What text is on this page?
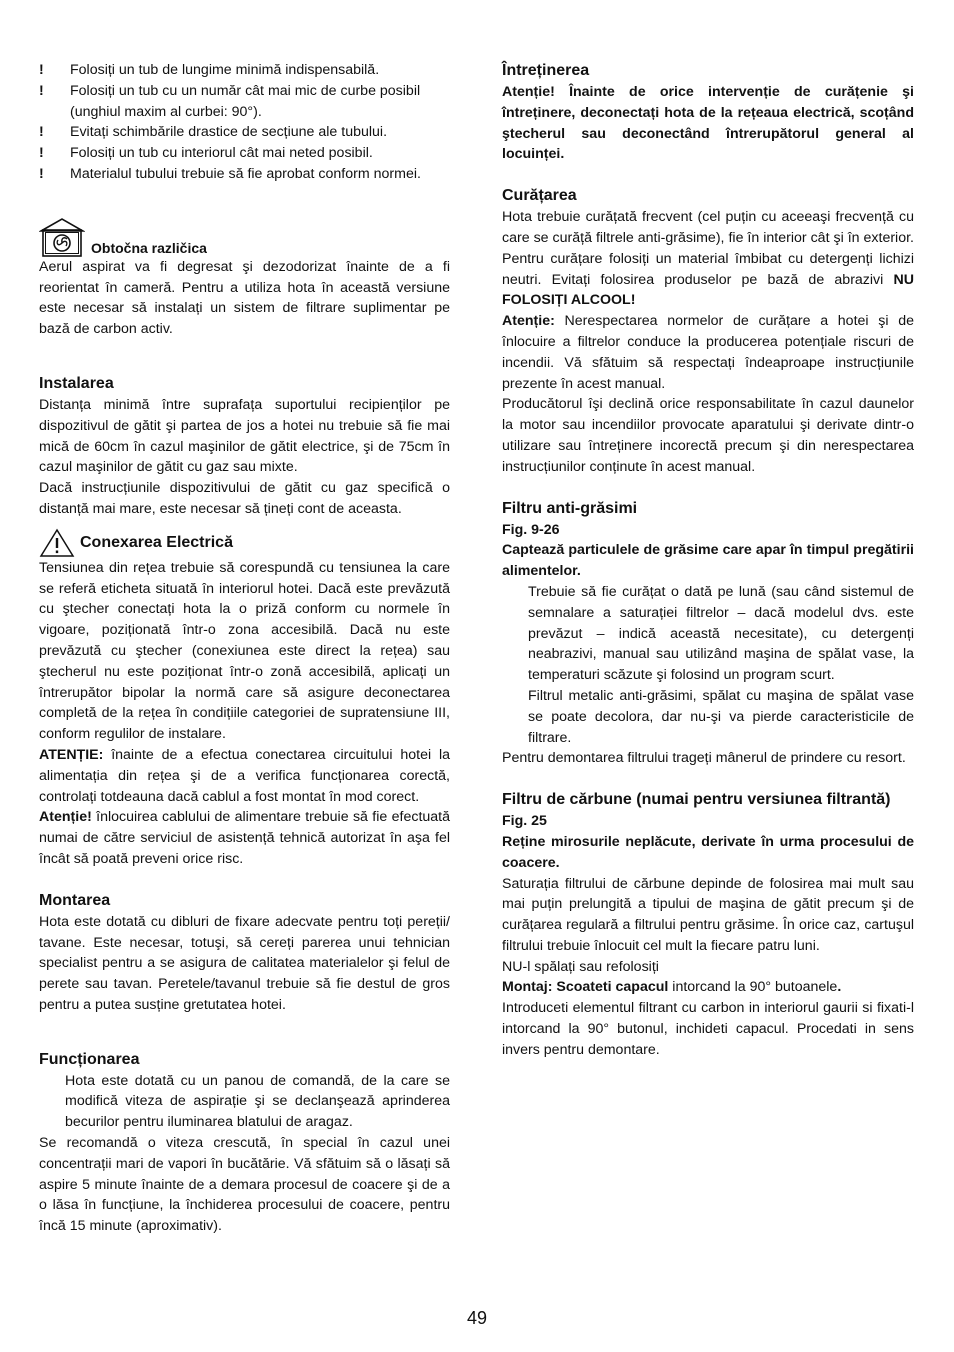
!	Folosiți un tub de lungime minimă indispensabilă.
!	Folosiți un tub cu un număr cât mai mic de curbe posibil (unghiul maxim al curbei: 90°).
!	Evitați schimbările drastice de secțiune ale tubului.
!	Folosiți un tub cu interiorul cât mai neted posibil.
!	Materialul tubului trebuie să fie aprobat conform normei.
Obtočna različica

Aerul aspirat va fi degresat şi dezodorizat înainte de a fi reorientat în cameră. Pentru a utiliza hota în această versiune este necesar să instalați un sistem de filtrare suplimentar pe bază de carbon activ.

Instalarea

Distanța minimă între suprafața suportului recipienților pe dispozitivul de gătit şi partea de jos a hotei nu trebuie să fie mai mică de 60cm în cazul maşinilor de gătit electrice, şi de 75cm în cazul maşinilor de gătit cu gaz sau mixte.

Dacă instrucțiunile dispozitivului de gătit cu gaz specifică o distanță mai mare, este necesar să țineți cont de aceasta.

Conexarea Electrică

Tensiunea din rețea trebuie să corespundă cu tensiunea la care se referă eticheta situată în interiorul hotei. Dacă este prevăzută cu ştecher conectați hota la o priză conform cu normele în vigoare, poziționată într-o zona accesibilă. Dacă nu este prevăzută cu ştecher (conexiunea este direct la rețea) sau ştecherul nu este poziționat într-o zonă accesibilă, aplicați un întrerupător bipolar la normă care să asigure deconectarea completă de la rețea în condițiile categoriei de supratensiune III, conform regulilor de instalare.

ATENȚIE: înainte de a efectua conectarea circuitului hotei la alimentația din rețea şi de a verifica funcționarea corectă, controlați totdeauna dacă cablul a fost montat în mod corect.

Atenție! înlocuirea cablului de alimentare trebuie să fie efectuată numai de către serviciul de asistență tehnică autorizat în aşa fel încât să poată preveni orice risc.

Montarea

Hota este dotată cu dibluri de fixare adecvate pentru toți pereții/ tavane. Este necesar, totuşi, să cereți parerea unui tehnician specialist pentru a se asigura de calitatea materialelor şi felul de perete sau tavan. Peretele/tavanul trebuie să fie destul de gros pentru a putea susține gretutatea hotei.

Funcționarea

Hota este dotată cu un panou de comandă, de la care se modifică viteza de aspirație şi se declanşează aprinderea becurilor pentru iluminarea blatului de aragaz.

Se recomandă o viteza crescută, în special în cazul unei concentrații mari de vapori în bucătărie. Vă sfătuim să o lăsați să aspire 5 minute înainte de a demara procesul de coacere şi de a o lăsa în funcțiune, la închiderea procesului de coacere, pentru încă 15 minute (aproximativ).

Întreținerea

Atenție! Înainte de orice intervenție de curățenie şi întreținere, deconectați hota de la rețeaua electrică, scoțând ştecherul sau deconectând întrerupătorul general al locuinței.

Curățarea

Hota trebuie curățată frecvent (cel puțin cu aceeaşi frecvență cu care se curăță filtrele anti-grăsime), fie în interior cât şi în exterior. Pentru curățare folosiți un material îmbibat cu detergenți lichizi neutri. Evitați folosirea produselor pe bază de abrazivi NU FOLOSIȚI ALCOOL!

Atenție: Nerespectarea normelor de curățare a hotei şi de înlocuire a filtrelor conduce la producerea potențiale riscuri de incendii. Vă sfătuim să respectați îndeaproape instrucțiunile prezente în acest manual.

Producătorul îşi declină orice responsabilitate în cazul daunelor la motor sau incendiilor provocate aparatului şi derivate dintr-o utilizare sau întreținere incorectă precum şi din nerespectarea instrucțiunilor conținute în acest manual.

Filtru anti-grăsimi

Fig. 9-26

Captează particulele de grăsime care apar în timpul pregătirii alimentelor.

Trebuie să fie curățat o dată pe lună (sau când sistemul de semnalare a saturației filtrelor – dacă modelul dvs. este prevăzut – indică această necesitate), cu detergenți neabrazivi, manual sau utilizând maşina de spălat vase, la temperaturi scăzute şi folosind un program scurt.

Filtrul metalic anti-grăsimi, spălat cu maşina de spălat vase se poate decolora, dar nu-şi va pierde caracteristicile de filtrare.

Pentru demontarea filtrului trageți mânerul de prindere cu resort.

Filtru de cărbune (numai pentru versiunea filtrantă)

Fig. 25

Reține mirosurile neplăcute, derivate în urma procesului de coacere.

Saturația filtrului de cărbune depinde de folosirea mai mult sau mai puțin prelungită a tipului de maşina de gătit precum şi de curățarea regulară a filtrului pentru grăsime. În orice caz, cartuşul filtrului trebuie înlocuit cel mult la fiecare patru luni.

NU-l spălați sau refolosiți

Montaj: Scoateti capacul intorcand la 90° butoanele.

Introduceti elementul filtrant cu carbon in interiorul gaurii si fixati-l intorcand la 90° butonul, inchideti capacul. Procedati in sens invers pentru demontare.

49
